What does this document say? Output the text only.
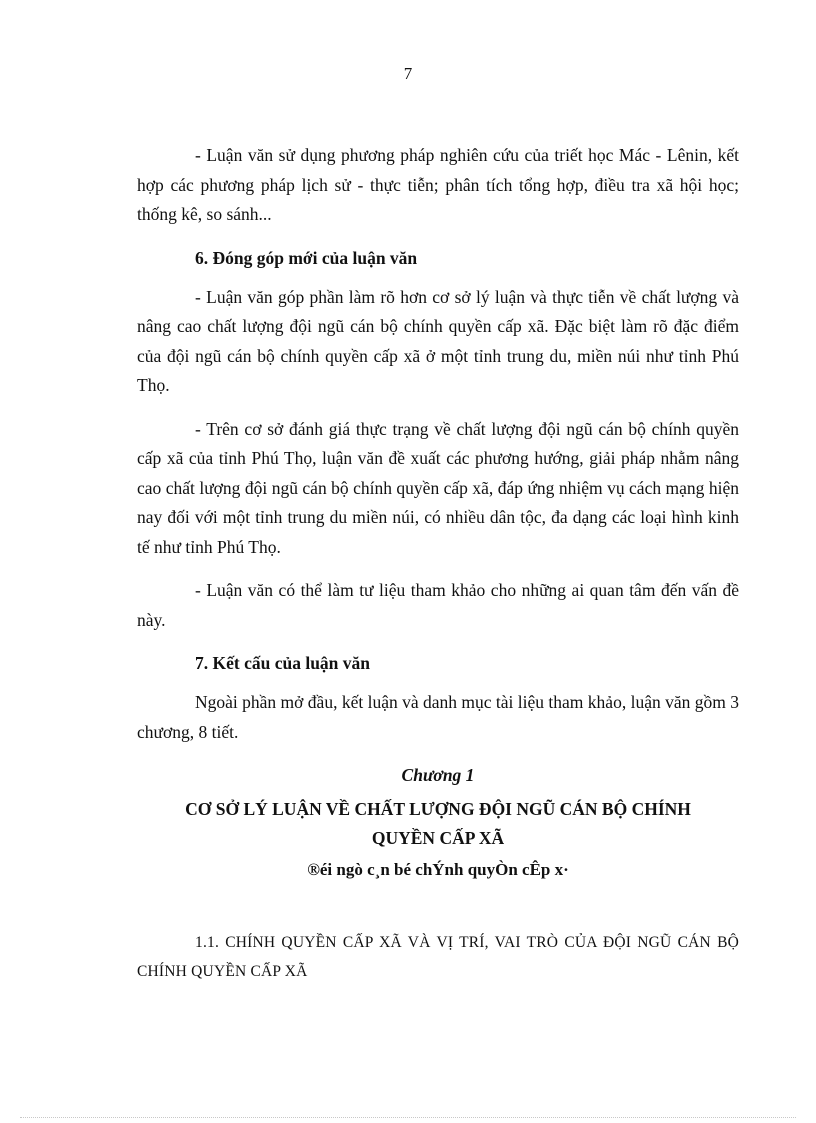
7

- Luận văn sử dụng phương pháp nghiên cứu của triết học Mác - Lênin, kết hợp các phương pháp lịch sử - thực tiễn; phân tích tổng hợp, điều tra xã hội học; thống kê, so sánh...

6. Đóng góp mới của luận văn

- Luận văn góp phần làm rõ hơn cơ sở lý luận và thực tiễn về chất lượng và nâng cao chất lượng đội ngũ cán bộ chính quyền cấp xã. Đặc biệt làm rõ đặc điểm của đội ngũ cán bộ chính quyền cấp xã ở một tỉnh trung du, miền núi như tỉnh Phú Thọ.

- Trên cơ sở đánh giá thực trạng về chất lượng đội ngũ cán bộ chính quyền cấp xã của tỉnh Phú Thọ, luận văn đề xuất các phương hướng, giải pháp nhằm nâng cao chất lượng đội ngũ cán bộ chính quyền cấp xã, đáp ứng nhiệm vụ cách mạng hiện nay đối với một tỉnh trung du miền núi, có nhiều dân tộc, đa dạng các loại hình kinh tế như tỉnh Phú Thọ.

- Luận văn có thể làm tư liệu tham khảo cho những ai quan tâm đến vấn đề này.

7. Kết cấu của luận văn

Ngoài phần mở đầu, kết luận và danh mục tài liệu tham khảo, luận văn gồm 3 chương, 8 tiết.

Chương 1
CƠ SỞ LÝ LUẬN VỀ CHẤT LƯỢNG ĐỘI NGŨ CÁN BỘ CHÍNH
QUYỀN CẤP XÃ
®éi ngò c¸n bé chÝnh quyÒn cÊp x·

1.1. CHÍNH QUYỀN CẤP XÃ VÀ VỊ TRÍ, VAI TRÒ CỦA ĐỘI NGŨ CÁN BỘ CHÍNH QUYỀN CẤP XÃ
